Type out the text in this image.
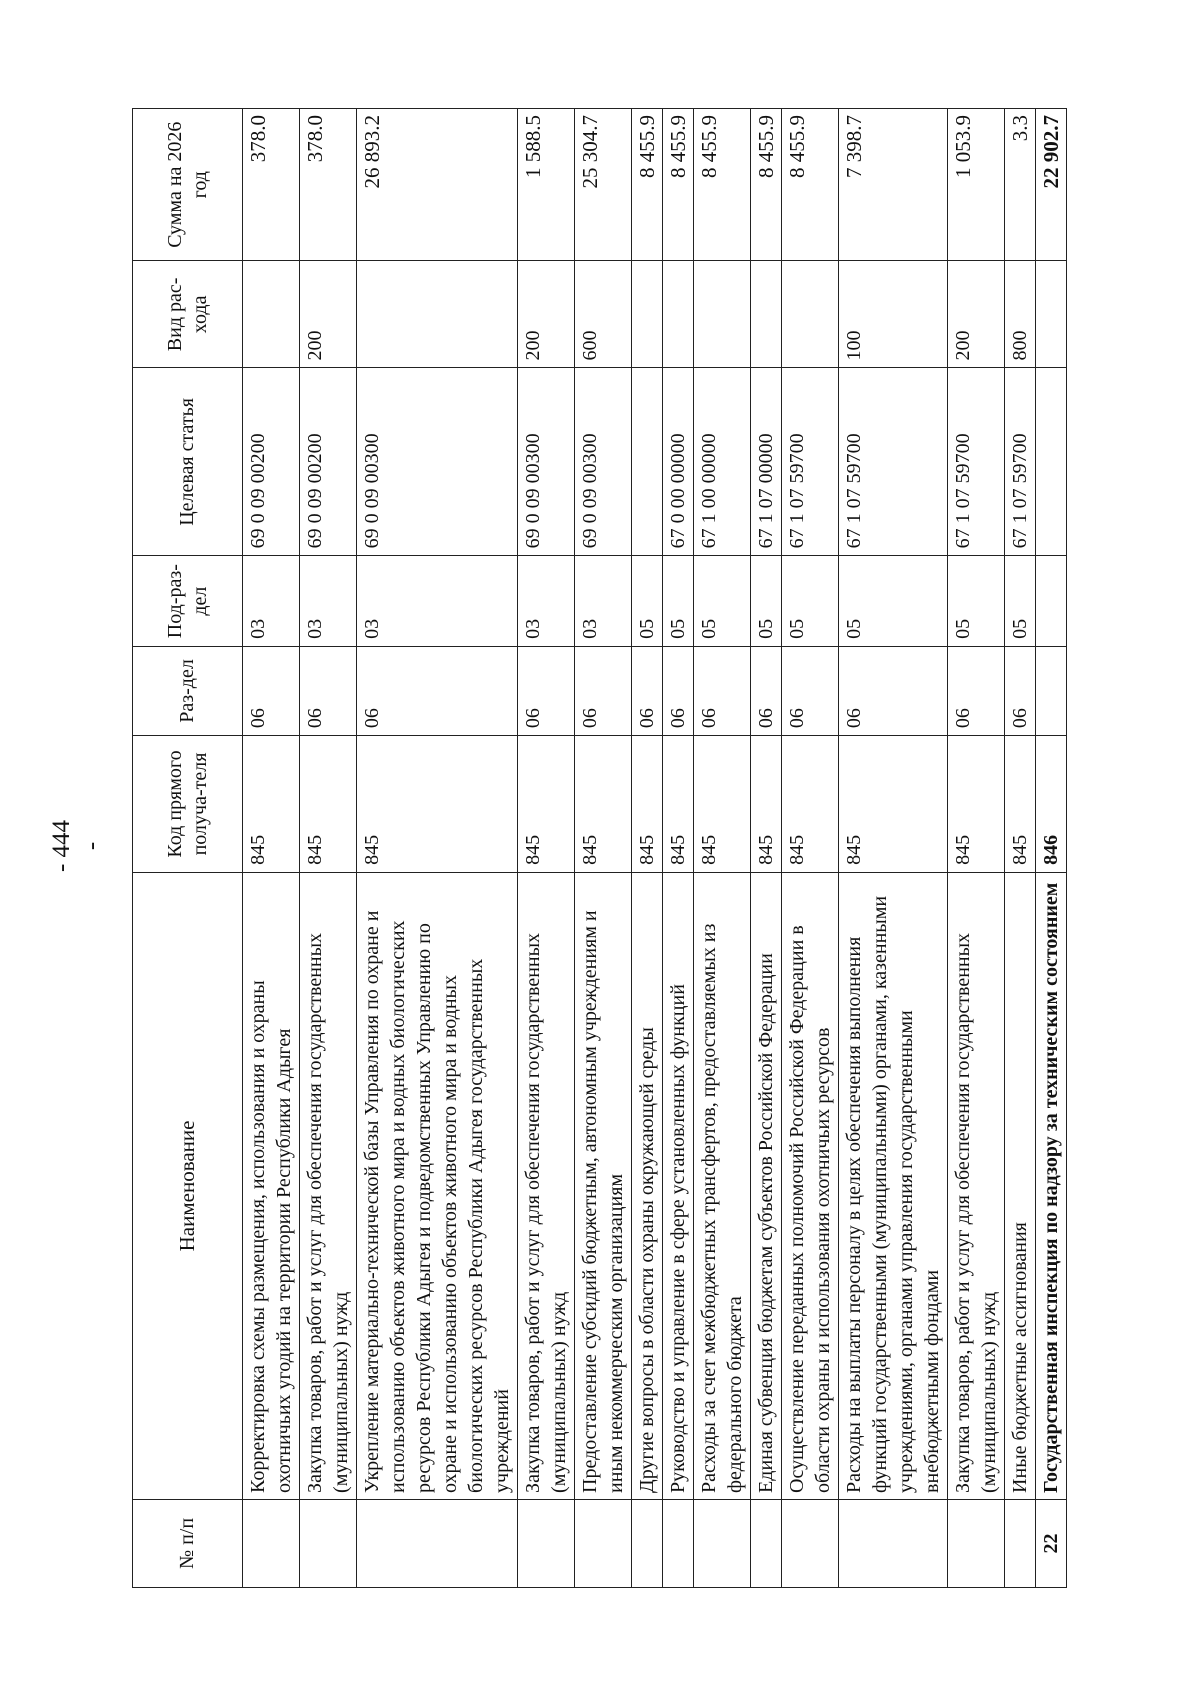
- 444 -
№ п/п	Наименование	Код прямого получа-теля	Раз-дел	Под-раз-дел	Целевая статья	Вид рас-хода	Сумма на 2026 год
	Корректировка схемы размещения, использования и охраны охотничьих угодий на территории Республики Адыгея	845	06	03	69 0 09 00200		378.0
	Закупка товаров, работ и услуг для обеспечения государственных (муниципальных) нужд	845	06	03	69 0 09 00200	200	378.0
	Укрепление материально-технической базы Управления по охране и использованию объектов животного мира и водных биологических ресурсов Республики Адыгея и подведомственных Управлению по охране и использованию объектов животного мира и водных биологических ресурсов Республики Адыгея государственных учреждений	845	06	03	69 0 09 00300		26 893.2
	Закупка товаров, работ и услуг для обеспечения государственных (муниципальных) нужд	845	06	03	69 0 09 00300	200	1 588.5
	Предоставление субсидий бюджетным, автономным учреждениям и иным некоммерческим организациям	845	06	03	69 0 09 00300	600	25 304.7
	Другие вопросы в области охраны окружающей среды	845	06	05			8 455.9
	Руководство и управление в сфере установленных функций	845	06	05	67 0 00 00000		8 455.9
	Расходы за счет межбюджетных трансфертов, предоставляемых из федерального бюджета	845	06	05	67 1 00 00000		8 455.9
	Единая субвенция бюджетам субъектов Российской Федерации	845	06	05	67 1 07 00000		8 455.9
	Осуществление переданных полномочий Российской Федерации в области охраны и использования охотничьих ресурсов	845	06	05	67 1 07 59700		8 455.9
	Расходы на выплаты персоналу в целях обеспечения выполнения функций государственными (муниципальными) органами, казенными учреждениями, органами управления государственными внебюджетными фондами	845	06	05	67 1 07 59700	100	7 398.7
	Закупка товаров, работ и услуг для обеспечения государственных (муниципальных) нужд	845	06	05	67 1 07 59700	200	1 053.9
	Иные бюджетные ассигнования	845	06	05	67 1 07 59700	800	3.3
22	Государственная инспекция по надзору за техническим состоянием	846					22 902.7
